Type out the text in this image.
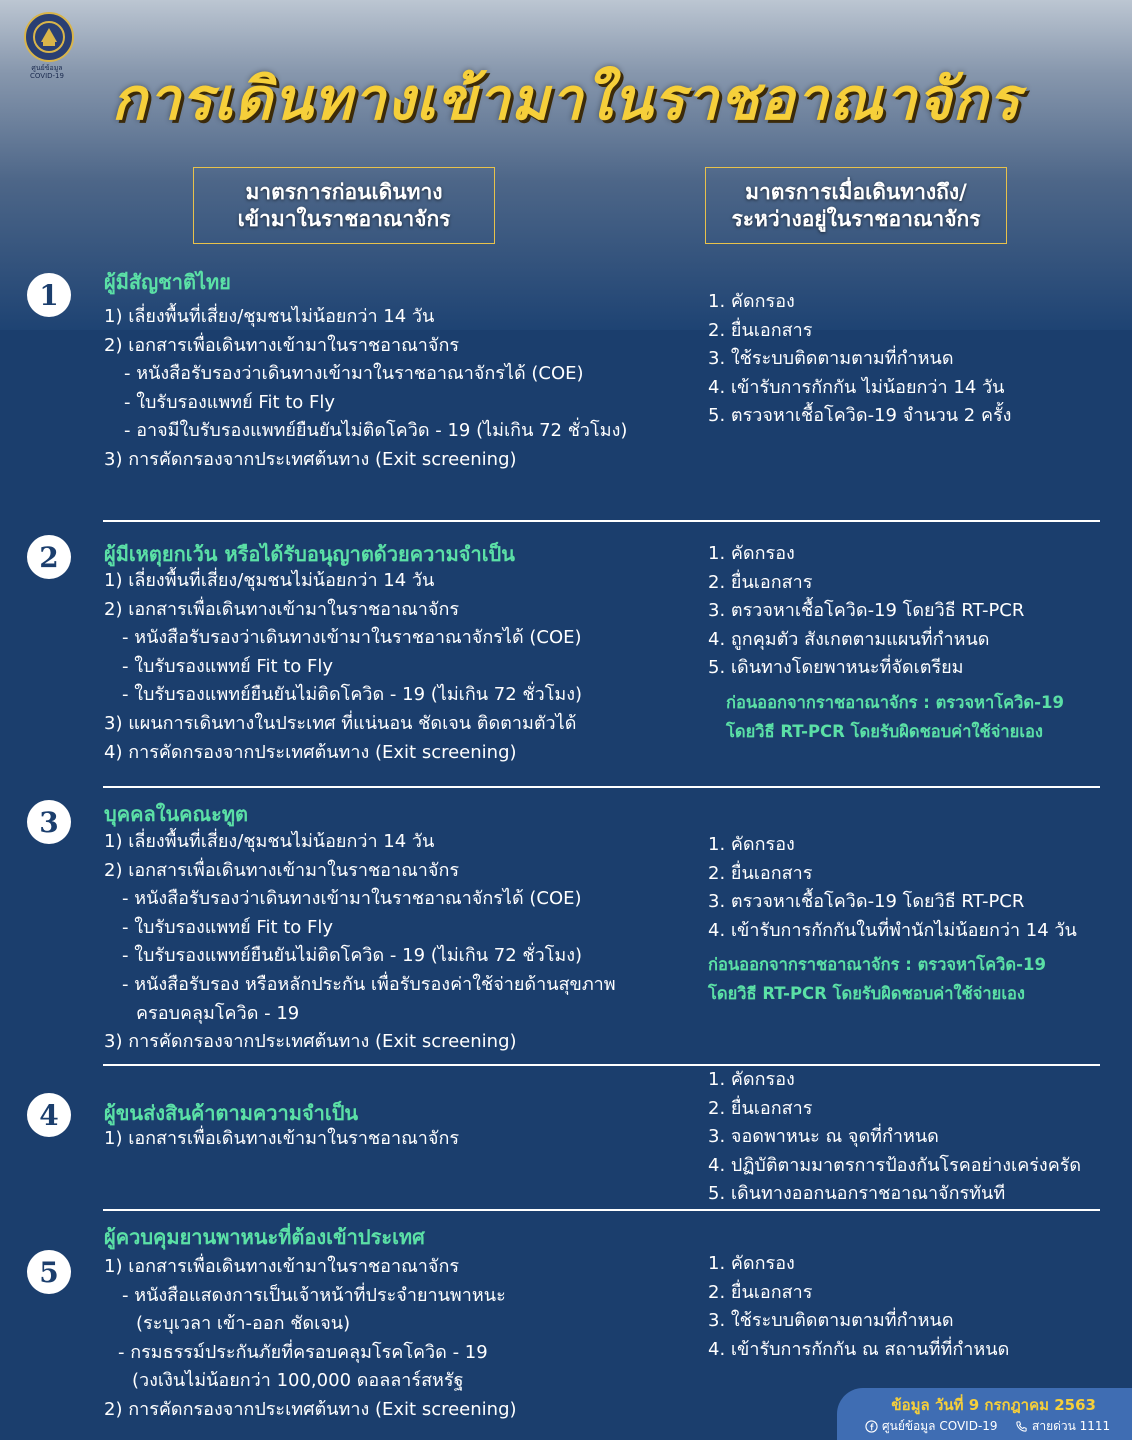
ศูนย์ข้อมูล
COVID-19 การเดินทางเข้ามาในราชอาณาจักร
มาตรการก่อนเดินทาง
เข้ามาในราชอาณาจักร
มาตรการเมื่อเดินทางถึง/
ระหว่างอยู่ในราชอาณาจักร
1	ผู้มีสัญชาติไทย
1) เลี่ยงพื้นที่เสี่ยง/ชุมชนไม่น้อยกว่า 14 วัน
2) เอกสารเพื่อเดินทางเข้ามาในราชอาณาจักร
- หนังสือรับรองว่าเดินทางเข้ามาในราชอาณาจักรได้ (COE)
- ใบรับรองแพทย์ Fit to Fly
- อาจมีใบรับรองแพทย์ยืนยันไม่ติดโควิด - 19 (ไม่เกิน 72 ชั่วโมง)
3) การคัดกรองจากประเทศต้นทาง (Exit screening)
1. คัดกรอง
2. ยื่นเอกสาร
3. ใช้ระบบติดตามตามที่กำหนด
4. เข้ารับการกักกัน ไม่น้อยกว่า 14 วัน
5. ตรวจหาเชื้อโควิด-19 จำนวน 2 ครั้ง
2	ผู้มีเหตุยกเว้น หรือได้รับอนุญาตด้วยความจำเป็น
1) เลี่ยงพื้นที่เสี่ยง/ชุมชนไม่น้อยกว่า 14 วัน
2) เอกสารเพื่อเดินทางเข้ามาในราชอาณาจักร
- หนังสือรับรองว่าเดินทางเข้ามาในราชอาณาจักรได้ (COE)
- ใบรับรองแพทย์ Fit to Fly
- ใบรับรองแพทย์ยืนยันไม่ติดโควิด - 19 (ไม่เกิน 72 ชั่วโมง)
3) แผนการเดินทางในประเทศ ที่แน่นอน ชัดเจน ติดตามตัวได้
4) การคัดกรองจากประเทศต้นทาง (Exit screening)
1. คัดกรอง
2. ยื่นเอกสาร
3. ตรวจหาเชื้อโควิด-19 โดยวิธี RT-PCR
4. ถูกคุมตัว สังเกตตามแผนที่กำหนด
5. เดินทางโดยพาหนะที่จัดเตรียม
ก่อนออกจากราชอาณาจักร : ตรวจหาโควิด-19
โดยวิธี RT-PCR โดยรับผิดชอบค่าใช้จ่ายเอง
3	บุคคลในคณะทูต
1) เลี่ยงพื้นที่เสี่ยง/ชุมชนไม่น้อยกว่า 14 วัน
2) เอกสารเพื่อเดินทางเข้ามาในราชอาณาจักร
- หนังสือรับรองว่าเดินทางเข้ามาในราชอาณาจักรได้ (COE)
- ใบรับรองแพทย์ Fit to Fly
- ใบรับรองแพทย์ยืนยันไม่ติดโควิด - 19 (ไม่เกิน 72 ชั่วโมง)
- หนังสือรับรอง หรือหลักประกัน เพื่อรับรองค่าใช้จ่ายด้านสุขภาพ
ครอบคลุมโควิด - 19
3) การคัดกรองจากประเทศต้นทาง (Exit screening)
1. คัดกรอง
2. ยื่นเอกสาร
3. ตรวจหาเชื้อโควิด-19 โดยวิธี RT-PCR
4. เข้ารับการกักกันในที่พำนักไม่น้อยกว่า 14 วัน
ก่อนออกจากราชอาณาจักร : ตรวจหาโควิด-19
โดยวิธี RT-PCR โดยรับผิดชอบค่าใช้จ่ายเอง
4	ผู้ขนส่งสินค้าตามความจำเป็น
1) เอกสารเพื่อเดินทางเข้ามาในราชอาณาจักร
1. คัดกรอง
2. ยื่นเอกสาร
3. จอดพาหนะ ณ จุดที่กำหนด
4. ปฏิบัติตามมาตรการป้องกันโรคอย่างเคร่งครัด
5. เดินทางออกนอกราชอาณาจักรทันที
5
ผู้ควบคุมยานพาหนะที่ต้องเข้าประเทศ
1) เอกสารเพื่อเดินทางเข้ามาในราชอาณาจักร
- หนังสือแสดงการเป็นเจ้าหน้าที่ประจำยานพาหนะ
(ระบุเวลา เข้า-ออก ชัดเจน)
- กรมธรรม์ประกันภัยที่ครอบคลุมโรคโควิด - 19
(วงเงินไม่น้อยกว่า 100,000 ดอลลาร์สหรัฐ
2) การคัดกรองจากประเทศต้นทาง (Exit screening)
1. คัดกรอง
2. ยื่นเอกสาร
3. ใช้ระบบติดตามตามที่กำหนด
4. เข้ารับการกักกัน ณ สถานที่ที่กำหนด
ข้อมูล วันที่ 9 กรกฎาคม 2563
ศูนย์ข้อมูล COVID-19	สายด่วน 1111
